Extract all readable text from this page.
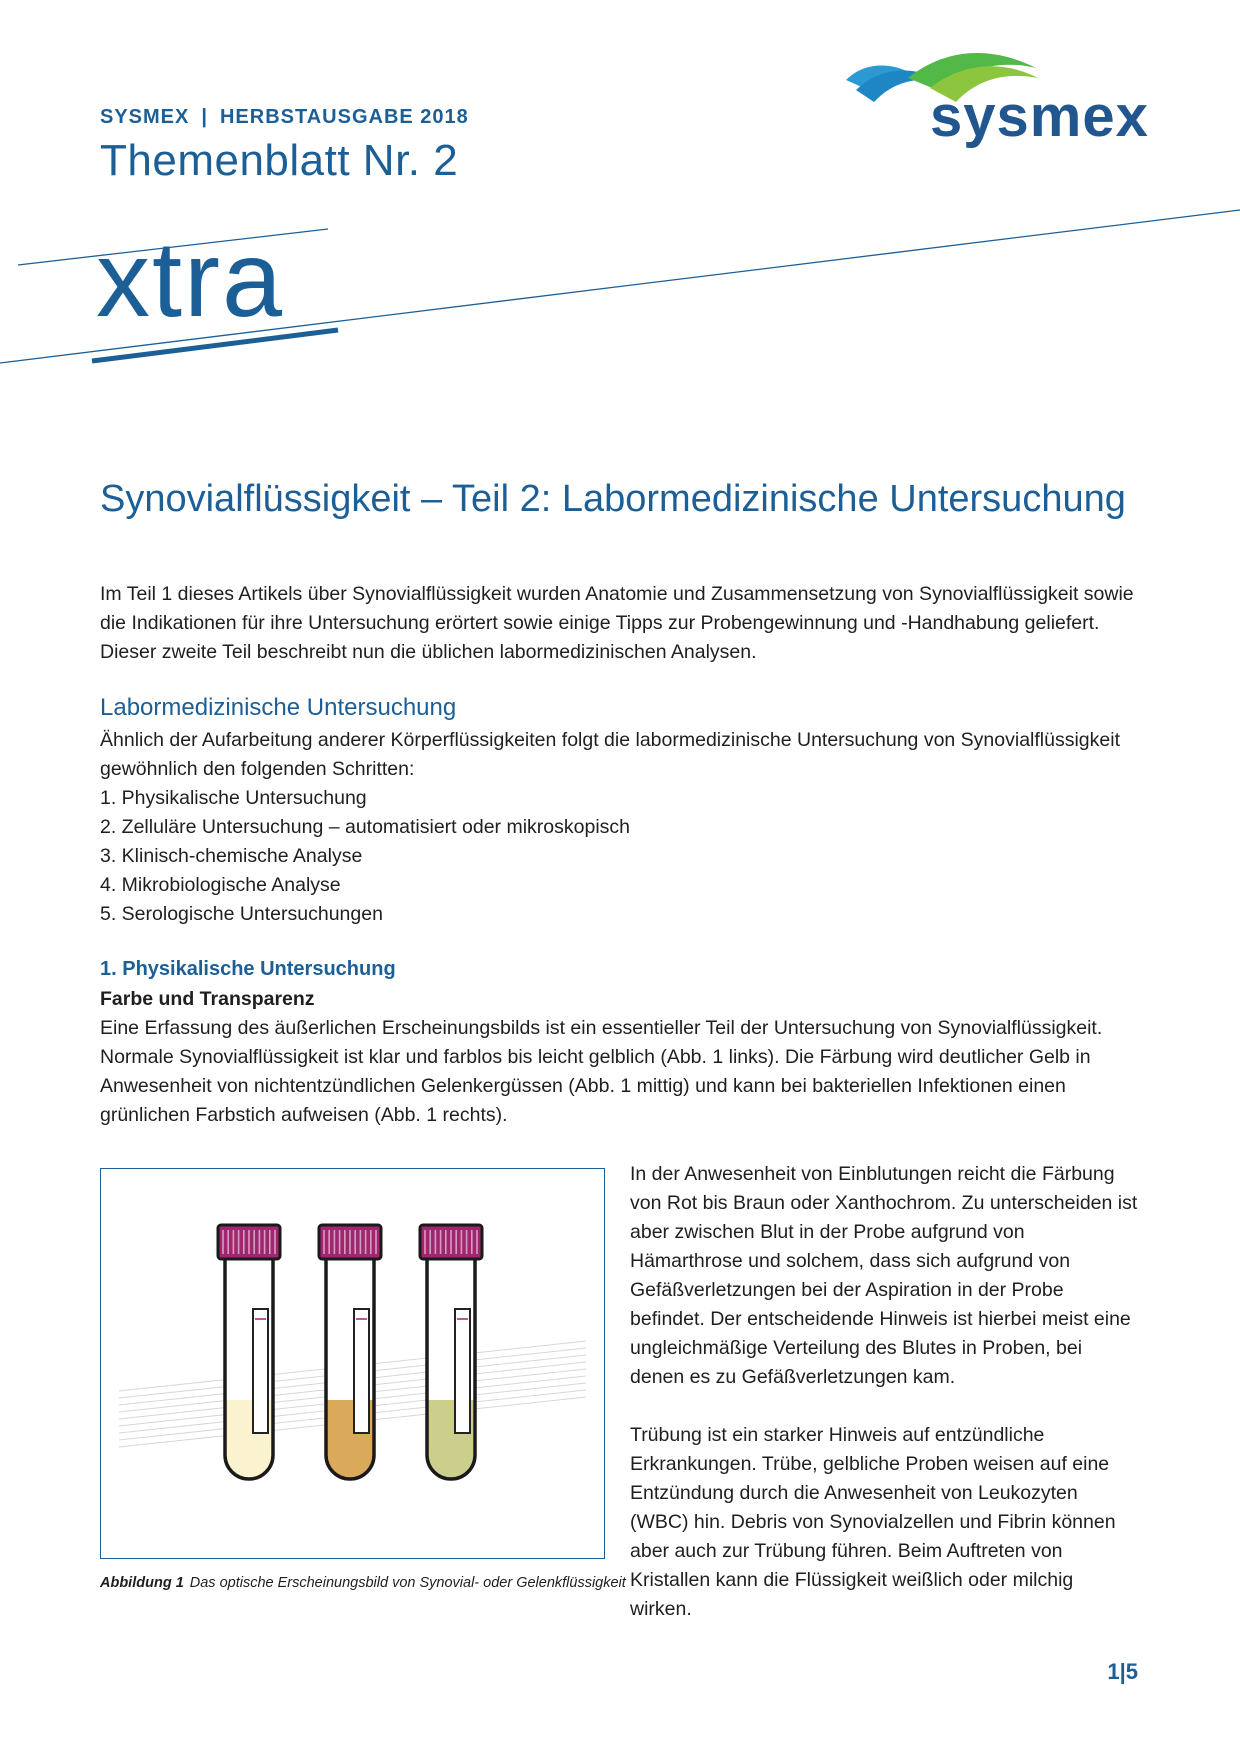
SYSMEX | HERBSTAUSGABE 2018
Themenblatt Nr. 2
sysmex
xtra
Synovialflüssigkeit – Teil 2: Labormedizinische Untersuchung

Im Teil 1 dieses Artikels über Synovialflüssigkeit wurden Anatomie und Zusammensetzung von Synovialflüssigkeit sowie die Indikationen für ihre Untersuchung erörtert sowie einige Tipps zur Probengewinnung und -Handhabung geliefert. Dieser zweite Teil beschreibt nun die üblichen labormedizinischen Analysen.

Labormedizinische Untersuchung

Ähnlich der Aufarbeitung anderer Körperflüssigkeiten folgt die labormedizinische Untersuchung von Synovialflüssigkeit gewöhnlich den folgenden Schritten:

1. Physikalische Untersuchung
2. Zelluläre Untersuchung – automatisiert oder mikroskopisch
3. Klinisch-chemische Analyse
4. Mikrobiologische Analyse
5. Serologische Untersuchungen
1. Physikalische Untersuchung
Farbe und Transparenz

Eine Erfassung des äußerlichen Erscheinungsbilds ist ein essentieller Teil der Untersuchung von Synovialflüssigkeit. Normale Synovialflüssigkeit ist klar und farblos bis leicht gelblich (Abb. 1 links). Die Färbung wird deutlicher Gelb in Anwesenheit von nichtentzündlichen Gelenkergüssen (Abb. 1 mittig) und kann bei bakteriellen Infektionen einen grünlichen Farbstich aufweisen (Abb. 1 rechts).

Abbildung 1 Das optische Erscheinungsbild von Synovial- oder Gelenkflüssigkeit

In der Anwesenheit von Einblutungen reicht die Färbung von Rot bis Braun oder Xanthochrom. Zu unterscheiden ist aber zwischen Blut in der Probe aufgrund von Hämarthrose und solchem, dass sich aufgrund von Gefäßverletzungen bei der Aspiration in der Probe befindet. Der entscheidende Hinweis ist hierbei meist eine ungleichmäßige Verteilung des Blutes in Proben, bei denen es zu Gefäßverletzungen kam.

Trübung ist ein starker Hinweis auf entzündliche Erkrankungen. Trübe, gelbliche Proben weisen auf eine Entzündung durch die Anwesenheit von Leukozyten (WBC) hin. Debris von Synovialzellen und Fibrin können aber auch zur Trübung führen. Beim Auftreten von Kristallen kann die Flüssigkeit weißlich oder milchig wirken.

1|5
